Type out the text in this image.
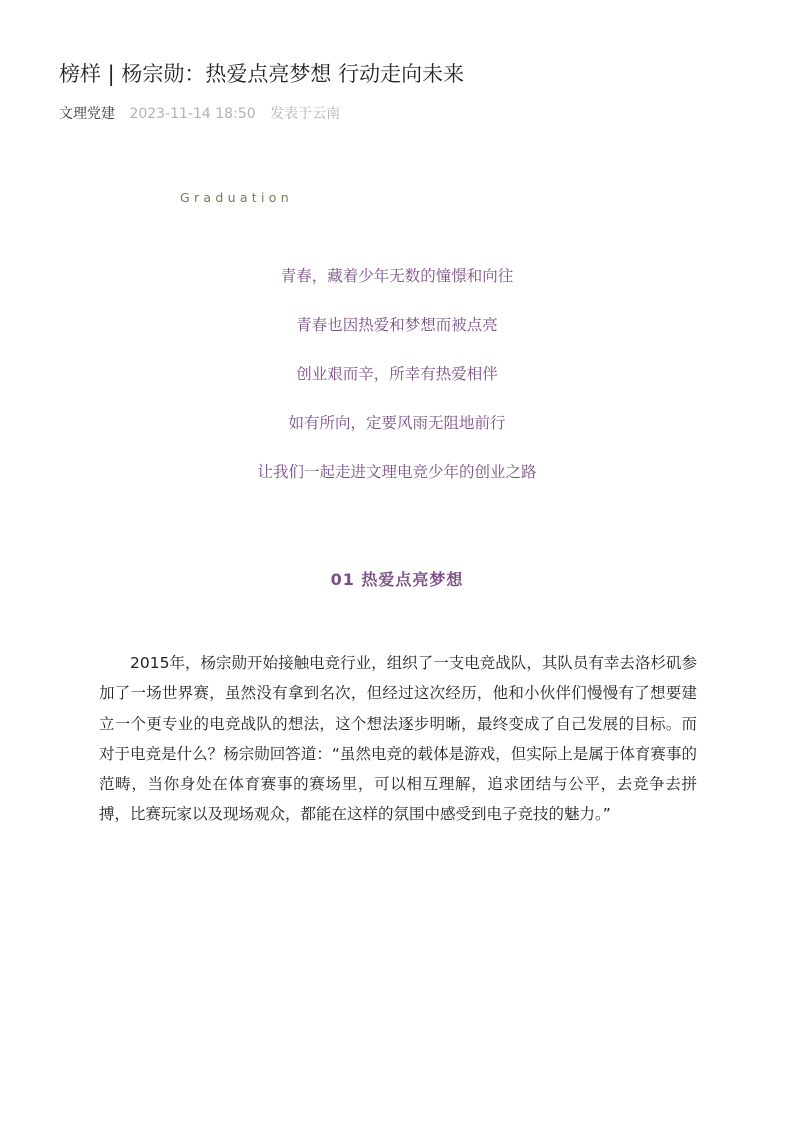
榜样 | 杨宗勋：热爱点亮梦想 行动走向未来
文理党建 2023-11-14 18:50 发表于云南
Graduation
青春，藏着少年无数的憧憬和向往
青春也因热爱和梦想而被点亮
创业艰而辛，所幸有热爱相伴
如有所向，定要风雨无阻地前行
让我们一起走进文理电竞少年的创业之路
01 热爱点亮梦想

2015年，杨宗勋开始接触电竞行业，组织了一支电竞战队，其队员有幸去洛杉矶参加了一场世界赛，虽然没有拿到名次，但经过这次经历，他和小伙伴们慢慢有了想要建立一个更专业的电竞战队的想法，这个想法逐步明晰，最终变成了自己发展的目标。而对于电竞是什么？杨宗勋回答道：“虽然电竞的载体是游戏，但实际上是属于体育赛事的范畴，当你身处在体育赛事的赛场里，可以相互理解，追求团结与公平，去竞争去拼搏，比赛玩家以及现场观众，都能在这样的氛围中感受到电子竞技的魅力。”
